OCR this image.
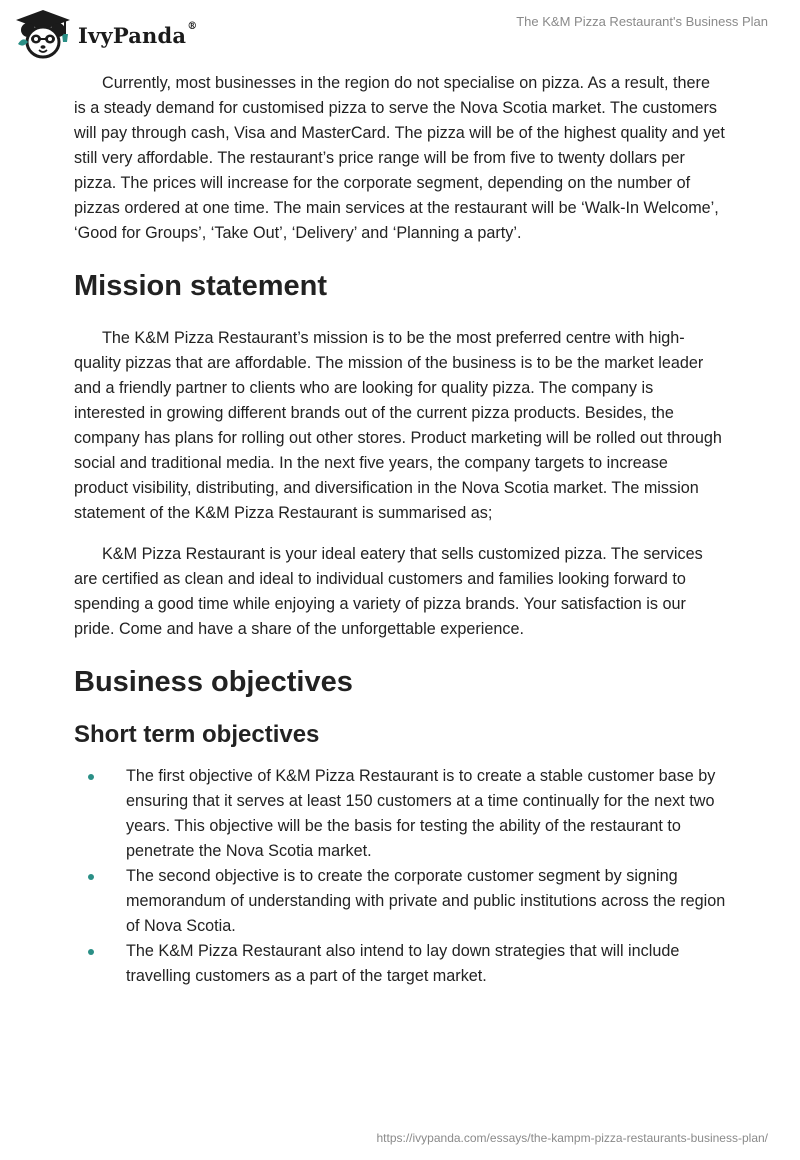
IvyPanda®	The K&M Pizza Restaurant's Business Plan

Currently, most businesses in the region do not specialise on pizza. As a result, there is a steady demand for customised pizza to serve the Nova Scotia market. The customers will pay through cash, Visa and MasterCard. The pizza will be of the highest quality and yet still very affordable. The restaurant’s price range will be from five to twenty dollars per pizza. The prices will increase for the corporate segment, depending on the number of pizzas ordered at one time. The main services at the restaurant will be ‘Walk-In Welcome’, ‘Good for Groups’, ‘Take Out’, ‘Delivery’ and ‘Planning a party’.

Mission statement

The K&M Pizza Restaurant’s mission is to be the most preferred centre with high-quality pizzas that are affordable. The mission of the business is to be the market leader and a friendly partner to clients who are looking for quality pizza. The company is interested in growing different brands out of the current pizza products. Besides, the company has plans for rolling out other stores. Product marketing will be rolled out through social and traditional media. In the next five years, the company targets to increase product visibility, distributing, and diversification in the Nova Scotia market. The mission statement of the K&M Pizza Restaurant is summarised as;

K&M Pizza Restaurant is your ideal eatery that sells customized pizza. The services are certified as clean and ideal to individual customers and families looking forward to spending a good time while enjoying a variety of pizza brands. Your satisfaction is our pride. Come and have a share of the unforgettable experience.

Business objectives
Short term objectives
The first objective of K&M Pizza Restaurant is to create a stable customer base by ensuring that it serves at least 150 customers at a time continually for the next two years. This objective will be the basis for testing the ability of the restaurant to penetrate the Nova Scotia market.
The second objective is to create the corporate customer segment by signing memorandum of understanding with private and public institutions across the region of Nova Scotia.
The K&M Pizza Restaurant also intend to lay down strategies that will include travelling customers as a part of the target market.
https://ivypanda.com/essays/the-kampm-pizza-restaurants-business-plan/
